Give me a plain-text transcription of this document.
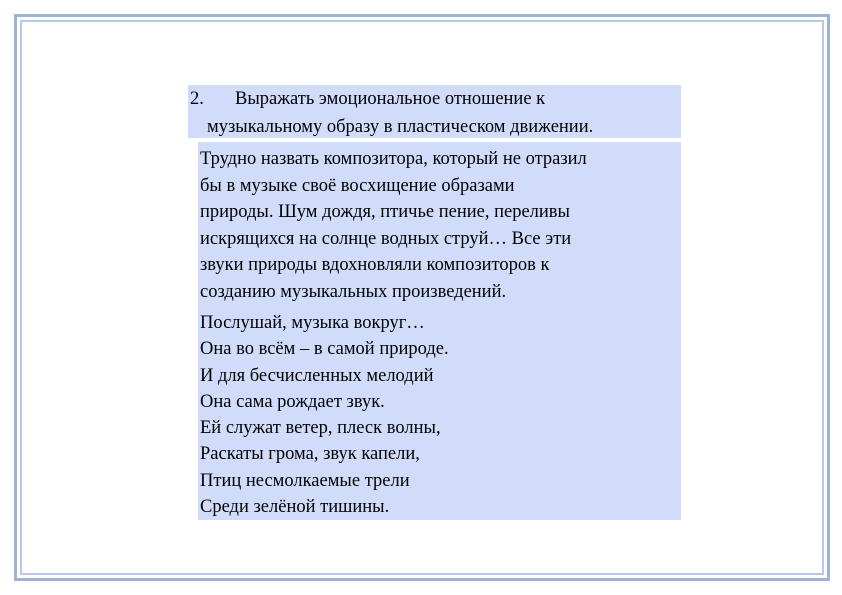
2. Выражать эмоциональное отношение к
музыкальному образу в пластическом движении.
Трудно назвать композитора, который не отразил
бы в музыке своё восхищение образами
природы. Шум дождя, птичье пение, переливы
искрящихся на солнце водных струй… Все эти
звуки природы вдохновляли композиторов к
созданию музыкальных произведений.
Послушай, музыка вокруг…
Она во всём – в самой природе.
И для бесчисленных мелодий
Она сама рождает звук.
Ей служат ветер, плеск волны,
Раскаты грома, звук капели,
Птиц несмолкаемые трели
Среди зелёной тишины.
